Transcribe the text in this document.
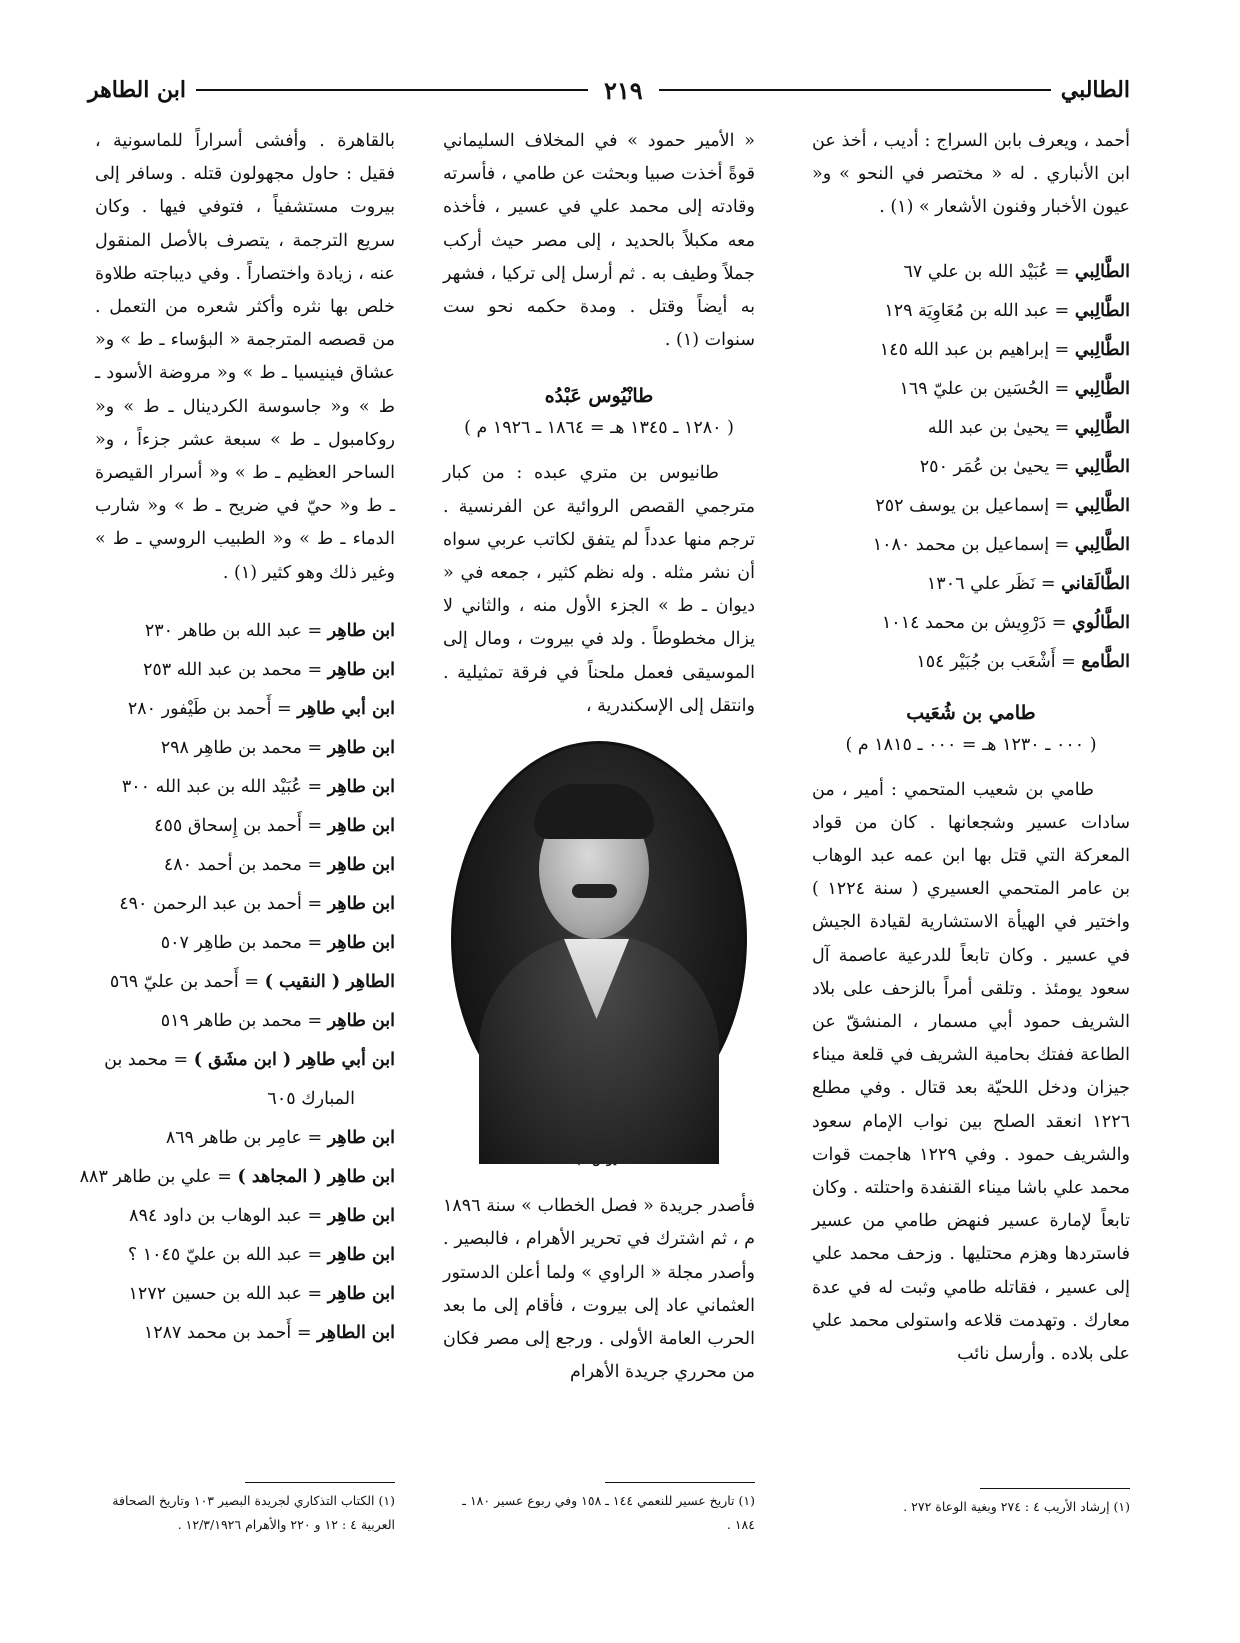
الطالبي
٢١٩
ابن الطاهر

أحمد ، ويعرف بابن السراج : أديب ، أخذ عن ابن الأنباري . له « مختصر في النحو » و« عيون الأخبار وفنون الأشعار » (١) .

الطَّالِبي = عُبَيْد الله بن علي ٦٧
الطَّالِبي = عبد الله بن مُعَاوِيَة ١٢٩
الطَّالِبي = إبراهيم بن عبد الله ١٤٥
الطَّالِبي = الحُسَين بن عليّ ١٦٩
الطَّالِبي = يحيىٰ بن عبد الله
الطَّالِبي = يحيىٰ بن عُمَر ٢٥٠
الطَّالِبي = إسماعيل بن يوسف ٢٥٢
الطَّالِبي = إسماعيل بن محمد ١٠٨٠
الطَّالَقاني = نَظَر علي ١٣٠٦
الطَّالُوي = دَرْوِيش بن محمد ١٠١٤
الطَّامع = أَشْعَب بن جُبَيْر ١٥٤
طامي بن شُعَيب
( ٠٠٠ ـ ١٢٣٠ هـ = ٠٠٠ ـ ١٨١٥ م )

طامي بن شعيب المتحمي : أمير ، من سادات عسير وشجعانها . كان من قواد المعركة التي قتل بها ابن عمه عبد الوهاب بن عامر المتحمي العسيري ( سنة ١٢٢٤ ) واختير في الهيأة الاستشارية لقيادة الجيش في عسير . وكان تابعاً للدرعية عاصمة آل سعود يومئذ . وتلقى أمراً بالزحف على بلاد الشريف حمود أبي مسمار ، المنشقّ عن الطاعة ففتك بحامية الشريف في قلعة ميناء جيزان ودخل اللحيّة بعد قتال . وفي مطلع ١٢٢٦ انعقد الصلح بين نواب الإمام سعود والشريف حمود . وفي ١٢٢٩ هاجمت قوات محمد علي باشا ميناء القنفدة واحتلته . وكان تابعاً لإمارة عسير فنهض طامي من عسير فاستردها وهزم محتليها . وزحف محمد علي إلى عسير ، فقاتله طامي وثبت له في عدة معارك . وتهدمت قلاعه واستولى محمد علي على بلاده . وأرسل نائب

« الأمير حمود » في المخلاف السليماني قوةً أخذت صبيا وبحثت عن طامي ، فأسرته وقادته إلى محمد علي في عسير ، فأخذه معه مكبلاً بالحديد ، إلى مصر حيث أركب جملاً وطيف به . ثم أرسل إلى تركيا ، فشهر به أيضاً وقتل . ومدة حكمه نحو ست سنوات (١) .

طانْيُوس عَبْدُه
( ١٢٨٠ ـ ١٣٤٥ هـ = ١٨٦٤ ـ ١٩٢٦ م )

طانيوس بن متري عبده : من كبار مترجمي القصص الروائية عن الفرنسية . ترجم منها عدداً لم يتفق لكاتب عربي سواه أن نشر مثله . وله نظم كثير ، جمعه في « ديوان ـ ط » الجزء الأول منه ، والثاني لا يزال مخطوطاً . ولد في بيروت ، ومال إلى الموسيقى فعمل ملحناً في فرقة تمثيلية . وانتقل إلى الإسكندرية ،

فأصدر جريدة « فصل الخطاب » سنة ١٨٩٦ م ، ثم اشترك في تحرير الأهرام ، فالبصير . وأصدر مجلة « الراوي » ولما أعلن الدستور العثماني عاد إلى بيروت ، فأقام إلى ما بعد الحرب العامة الأولى . ورجع إلى مصر فكان من محرري جريدة الأهرام

بالقاهرة . وأفشى أسراراً للماسونية ، فقيل : حاول مجهولون قتله . وسافر إلى بيروت مستشفياً ، فتوفي فيها . وكان سريع الترجمة ، يتصرف بالأصل المنقول عنه ، زيادة واختصاراً . وفي ديباجته طلاوة خلص بها نثره وأكثر شعره من التعمل . من قصصه المترجمة « البؤساء ـ ط » و« عشاق فينيسيا ـ ط » و« مروضة الأسود ـ ط » و« جاسوسة الكردينال ـ ط » و« روكامبول ـ ط » سبعة عشر جزءاً ، و« الساحر العظيم ـ ط » و« أسرار القيصرة ـ ط و« حيّ في ضريح ـ ط » و« شارب الدماء ـ ط » و« الطبيب الروسي ـ ط » وغير ذلك وهو كثير (١) .

ابن طاهِر = عبد الله بن طاهر ٢٣٠
ابن طاهِر = محمد بن عبد الله ٢٥٣
ابن أبي طاهِر = أَحمد بن طَيْفور ٢٨٠
ابن طاهِر = محمد بن طاهِر ٢٩٨
ابن طاهِر = عُبَيْد الله بن عبد الله ٣٠٠
ابن طاهِر = أَحمد بن إِسحاق ٤٥٥
ابن طاهِر = محمد بن أحمد ٤٨٠
ابن طاهِر = أحمد بن عبد الرحمن ٤٩٠
ابن طاهِر = محمد بن طاهِر ٥٠٧
الطاهِر ( النقيب ) = أَحمد بن عليّ ٥٦٩
ابن طاهِر = محمد بن طاهر ٥١٩
ابن أبي طاهِر ( ابن مشَق ) = محمد بن
المبارك ٦٠٥
ابن طاهِر = عامِر بن طاهر ٨٦٩
ابن طاهِر ( المجاهد ) = علي بن طاهر ٨٨٣
ابن طاهِر = عبد الوهاب بن داود ٨٩٤
ابن طاهِر = عبد الله بن عليّ ١٠٤٥ ؟
ابن طاهِر = عبد الله بن حسين ١٢٧٢
ابن الطاهِر = أَحمد بن محمد ١٢٨٧
(١) إرشاد الأريب ٤ : ٢٧٤ وبغية الوعاة ٢٧٢ .
(١) تاريخ عسير للنعمي ١٤٤ ـ ١٥٨ وفي ربوع عسير ١٨٠ ـ ١٨٤ .
(١) الكتاب التذكاري لجريدة البصير ١٠٣ وتاريخ الصحافة العربية ٤ : ١٢ و ٢٢٠ والأهرام ١٢/٣/١٩٢٦ .
